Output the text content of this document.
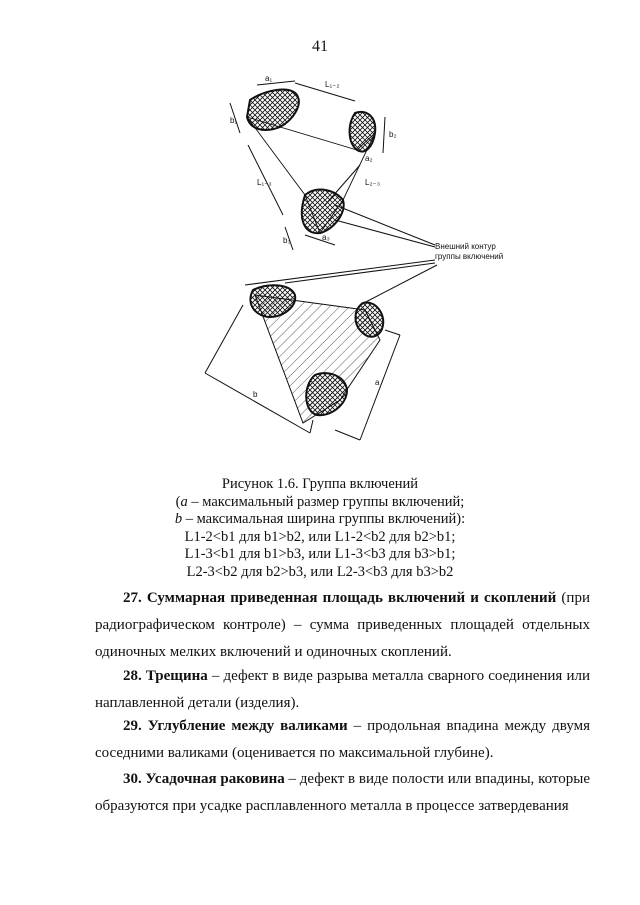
41
a₁
L₁₋₂
b₁
b₂
a₂
L₁₋₃	L₂₋₃
b₃	a₃
Внешний контур
группы включений
b
a
Рисунок 1.6. Группа включений
(a – максимальный размер группы включений;
b – максимальная ширина группы включений):
L1-2<b1 для b1>b2, или L1-2<b2 для b2>b1;
L1-3<b1 для b1>b3, или L1-3<b3 для b3>b1;
L2-3<b2 для b2>b3, или L2-3<b3 для b3>b2
27. Суммарная приведенная площадь включений и скоплений (при радиографическом контроле) – сумма приведенных площадей отдельных одиночных мелких включений и одиночных скоплений.
28. Трещина – дефект в виде разрыва металла сварного соединения или наплавленной детали (изделия).
29. Углубление между валиками – продольная впадина между двумя соседними валиками (оценивается по максимальной глубине).
30. Усадочная раковина – дефект в виде полости или впадины, которые образуются при усадке расплавленного металла в процессе затвердевания
